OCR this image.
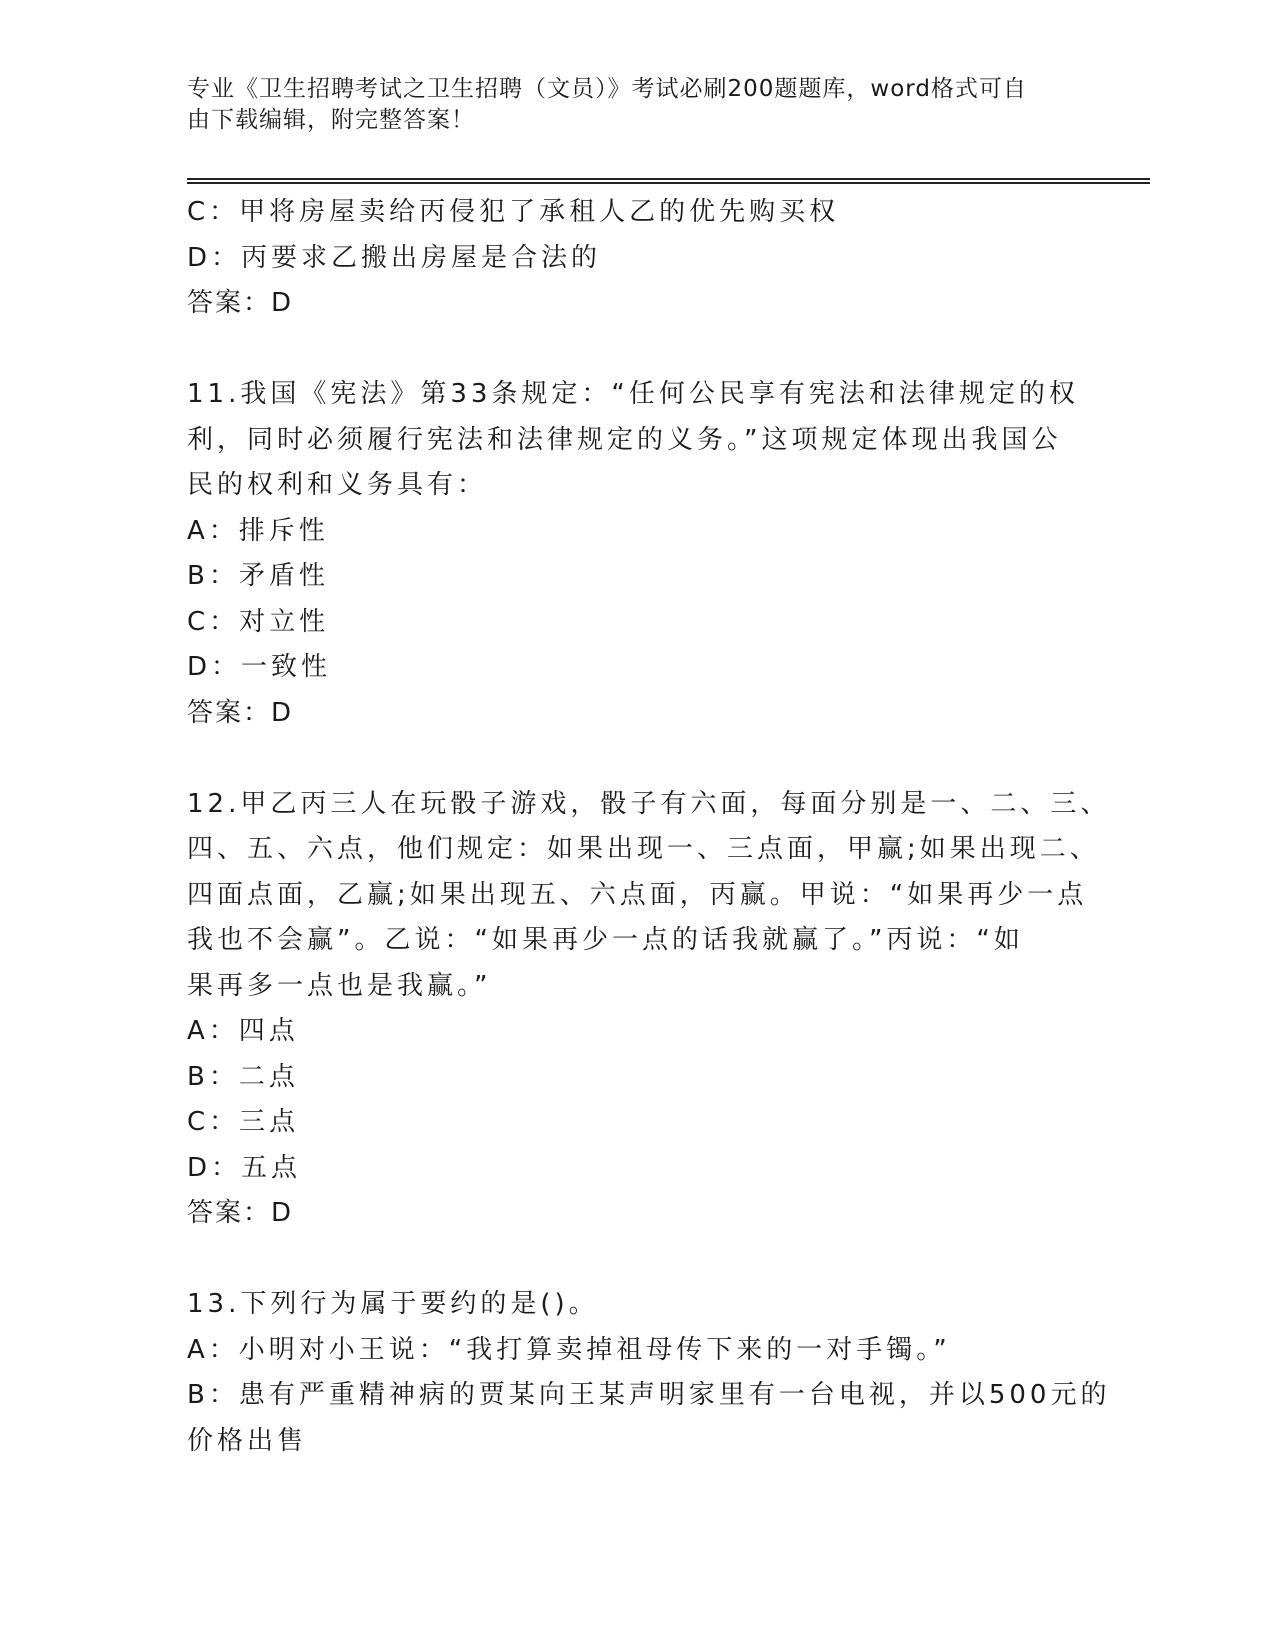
专业《卫生招聘考试之卫生招聘（文员）》考试必刷200题题库，word格式可自
由下载编辑，附完整答案！
C：甲将房屋卖给丙侵犯了承租人乙的优先购买权
D：丙要求乙搬出房屋是合法的
答案：D
11.我国《宪法》第33条规定：“任何公民享有宪法和法律规定的权
利，同时必须履行宪法和法律规定的义务。”这项规定体现出我国公
民的权利和义务具有：
A：排斥性
B：矛盾性
C：对立性
D：一致性
答案：D
12.甲乙丙三人在玩骰子游戏，骰子有六面，每面分别是一、二、三、
四、五、六点，他们规定：如果出现一、三点面，甲赢;如果出现二、
四面点面，乙赢;如果出现五、六点面，丙赢。甲说：“如果再少一点
我也不会赢”。乙说：“如果再少一点的话我就赢了。”丙说：“如
果再多一点也是我赢。”
A：四点
B：二点
C：三点
D：五点
答案：D
13.下列行为属于要约的是()。
A：小明对小王说：“我打算卖掉祖母传下来的一对手镯。”
B：患有严重精神病的贾某向王某声明家里有一台电视，并以500元的
价格出售
